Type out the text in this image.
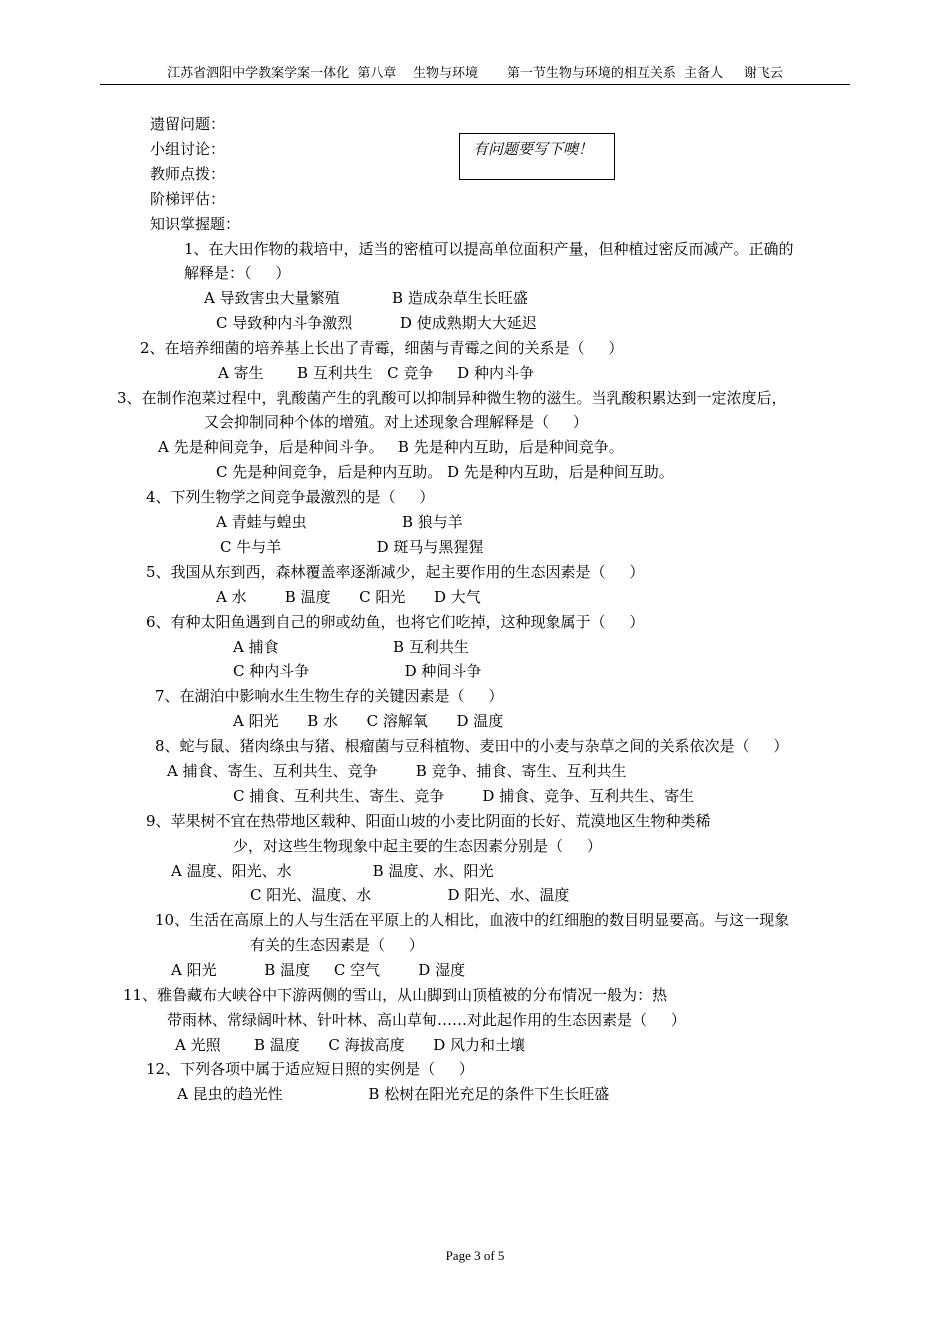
江苏省泗阳中学教案学案一体化  第八章    生物与环境       第一节生物与环境的相互关系  主备人     谢飞云
有问题要写下噢！
遗留问题：
小组讨论：
教师点拨：
阶梯评估：
知识掌握题：
1、在大田作物的栽培中，适当的密植可以提高单位面积产量，但种植过密反而减产。正确的
解释是：（     ）
A 导致害虫大量繁殖           B 造成杂草生长旺盛
C 导致种内斗争激烈          D 使成熟期大大延迟
2、在培养细菌的培养基上长出了青霉，细菌与青霉之间的关系是（     ）
A 寄生       B 互利共生   C 竞争     D 种内斗争
3、在制作泡菜过程中，乳酸菌产生的乳酸可以抑制异种微生物的滋生。当乳酸积累达到一定浓度后，
又会抑制同种个体的增殖。对上述现象合理解释是（     ）
A 先是种间竞争，后是种间斗争。   B 先是种内互助，后是种间竞争。
C 先是种间竞争，后是种内互助。 D 先是种内互助，后是种间互助。
4、下列生物学之间竞争最激烈的是（     ）
A 青蛙与蝗虫                    B 狼与羊
C 牛与羊                    D 斑马与黑猩猩
5、我国从东到西，森林覆盖率逐渐减少，起主要作用的生态因素是（     ）
A 水        B 温度      C 阳光      D 大气
6、有种太阳鱼遇到自己的卵或幼鱼，也将它们吃掉，这种现象属于（     ）
A 捕食                        B 互利共生
C 种内斗争                    D 种间斗争
7、在湖泊中影响水生生物生存的关键因素是（     ）
A 阳光      B 水      C 溶解氧      D 温度
8、蛇与鼠、猪肉绦虫与猪、根瘤菌与豆科植物、麦田中的小麦与杂草之间的关系依次是（     ）
A 捕食、寄生、互利共生、竞争        B 竞争、捕食、寄生、互利共生
C 捕食、互利共生、寄生、竞争        D 捕食、竞争、互利共生、寄生
9、苹果树不宜在热带地区载种、阳面山坡的小麦比阴面的长好、荒漠地区生物种类稀
少，对这些生物现象中起主要的生态因素分别是（     ）
A 温度、阳光、水                 B 温度、水、阳光
C 阳光、温度、水                D 阳光、水、温度
10、生活在高原上的人与生活在平原上的人相比，血液中的红细胞的数目明显要高。与这一现象
有关的生态因素是（     ）
A 阳光          B 温度     C 空气        D 湿度
11、雅鲁藏布大峡谷中下游两侧的雪山，从山脚到山顶植被的分布情况一般为：热
带雨林、常绿阔叶林、针叶林、高山草甸……对此起作用的生态因素是（     ）
A 光照       B 温度      C 海拔高度      D 风力和土壤
12、下列各项中属于适应短日照的实例是（     ）
A 昆虫的趋光性                  B 松树在阳光充足的条件下生长旺盛
Page 3 of 5
